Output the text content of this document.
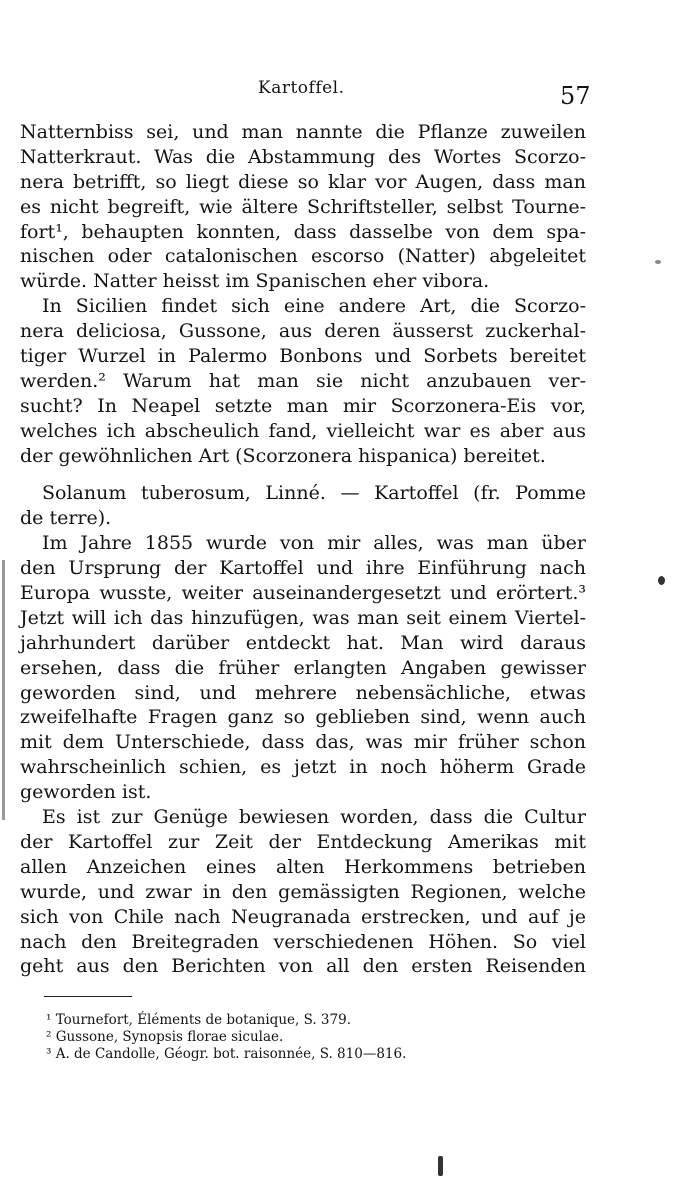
Kartoffel.	57
Natternbiss sei, und man nannte die Pflanze zuweilen
Natterkraut. Was die Abstammung des Wortes Scorzo-
nera betrifft, so liegt diese so klar vor Augen, dass man
es nicht begreift, wie ältere Schriftsteller, selbst Tourne-
fort¹, behaupten konnten, dass dasselbe von dem spa-
nischen oder catalonischen escorso (Natter) abgeleitet
würde. Natter heisst im Spanischen eher vibora.
In Sicilien findet sich eine andere Art, die Scorzo-
nera deliciosa, Gussone, aus deren äusserst zuckerhal-
tiger Wurzel in Palermo Bonbons und Sorbets bereitet
werden.² Warum hat man sie nicht anzubauen ver-
sucht? In Neapel setzte man mir Scorzonera-Eis vor,
welches ich abscheulich fand, vielleicht war es aber aus
der gewöhnlichen Art (Scorzonera hispanica) bereitet.
Solanum tuberosum, Linné. — Kartoffel (fr. Pomme
de terre).
Im Jahre 1855 wurde von mir alles, was man über
den Ursprung der Kartoffel und ihre Einführung nach
Europa wusste, weiter auseinandergesetzt und erörtert.³
Jetzt will ich das hinzufügen, was man seit einem Viertel-
jahrhundert darüber entdeckt hat. Man wird daraus
ersehen, dass die früher erlangten Angaben gewisser
geworden sind, und mehrere nebensächliche, etwas
zweifelhafte Fragen ganz so geblieben sind, wenn auch
mit dem Unterschiede, dass das, was mir früher schon
wahrscheinlich schien, es jetzt in noch höherm Grade
geworden ist.
Es ist zur Genüge bewiesen worden, dass die Cultur
der Kartoffel zur Zeit der Entdeckung Amerikas mit
allen Anzeichen eines alten Herkommens betrieben
wurde, und zwar in den gemässigten Regionen, welche
sich von Chile nach Neugranada erstrecken, und auf je
nach den Breitegraden verschiedenen Höhen. So viel
geht aus den Berichten von all den ersten Reisenden
¹ Tournefort, Éléments de botanique, S. 379.
² Gussone, Synopsis florae siculae.
³ A. de Candolle, Géogr. bot. raisonnée, S. 810—816.
